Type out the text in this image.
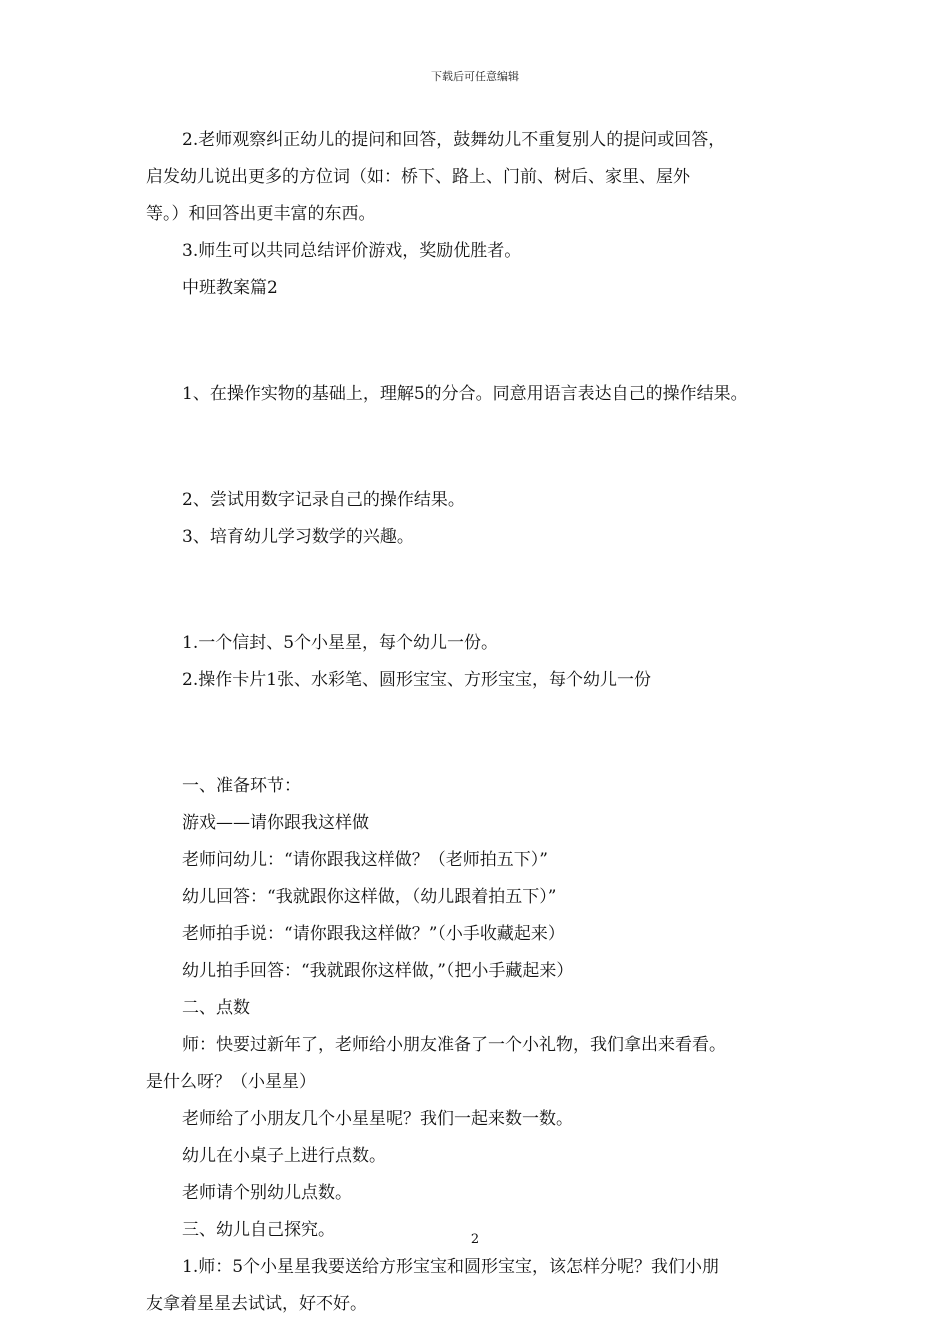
下载后可任意编辑

2.老师观察纠正幼儿的提问和回答，鼓舞幼儿不重复别人的提问或回答，

启发幼儿说出更多的方位词（如：桥下、路上、门前、树后、家里、屋外

等。）和回答出更丰富的东西。

3.师生可以共同总结评价游戏，奖励优胜者。

中班教案篇2

1、在操作实物的基础上，理解5的分合。同意用语言表达自己的操作结果。

2、尝试用数字记录自己的操作结果。

3、培育幼儿学习数学的兴趣。

1.一个信封、5个小星星，每个幼儿一份。

2.操作卡片1张、水彩笔、圆形宝宝、方形宝宝，每个幼儿一份

一、准备环节：

游戏——请你跟我这样做

老师问幼儿：“请你跟我这样做？（老师拍五下）”

幼儿回答：“我就跟你这样做，（幼儿跟着拍五下）”

老师拍手说：“请你跟我这样做？”（小手收藏起来）

幼儿拍手回答：“我就跟你这样做，”（把小手藏起来）

二、点数

师：快要过新年了，老师给小朋友准备了一个小礼物，我们拿出来看看。

是什么呀？（小星星）

老师给了小朋友几个小星星呢？我们一起来数一数。

幼儿在小桌子上进行点数。

老师请个别幼儿点数。

三、幼儿自己探究。

1.师：5个小星星我要送给方形宝宝和圆形宝宝，该怎样分呢？我们小朋

友拿着星星去试试，好不好。

2
